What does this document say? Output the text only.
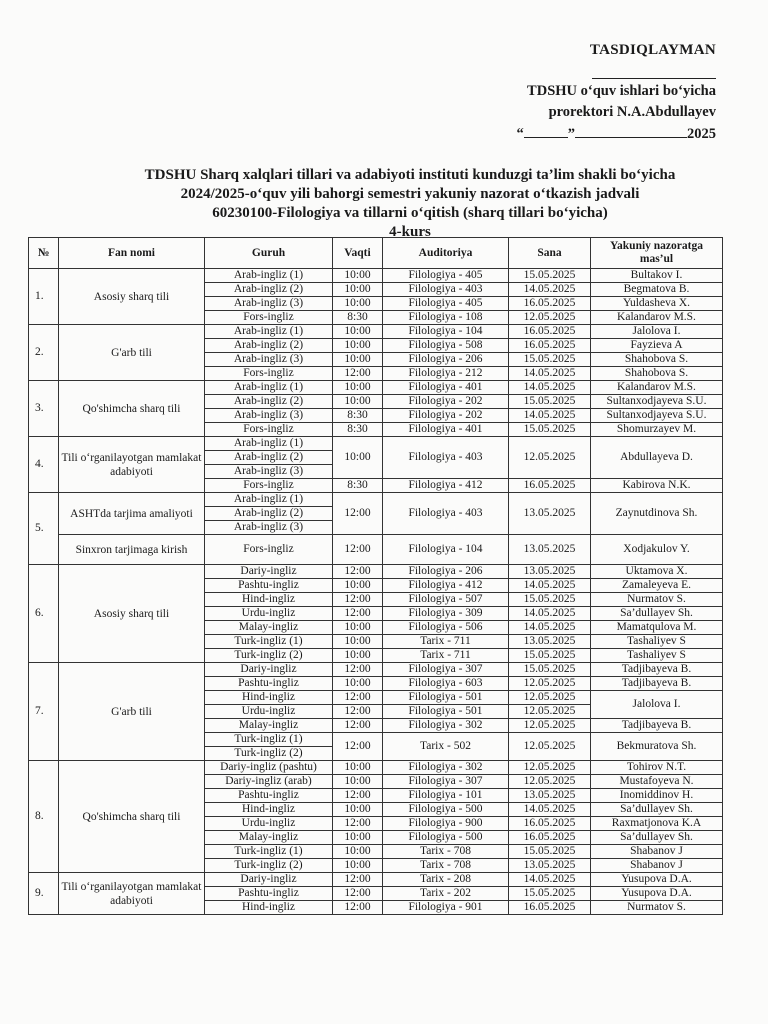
TASDIQLAYMAN
TDSHU o‘quv ishlari bo‘yicha
prorektori N.A.Abdullayev
“	”	2025
TDSHU Sharq xalqlari tillari va adabiyoti instituti kunduzgi ta’lim shakli bo‘yicha
2024/2025-o‘quv yili bahorgi semestri yakuniy nazorat o‘tkazish jadvali
60230100-Filologiya va tillarni o‘qitish (sharq tillari bo‘yicha)
4-kurs
№	Fan nomi	Guruh	Vaqti	Auditoriya	Sana	Yakuniy nazoratga mas’ul
1.	Asosiy sharq tili	Arab-ingliz (1)	10:00	Filologiya - 405	15.05.2025	Bultakov I.
		Arab-ingliz (2)	10:00	Filologiya - 403	14.05.2025	Begmatova B.
		Arab-ingliz (3)	10:00	Filologiya - 405	16.05.2025	Yuldasheva X.
		Fors-ingliz	8:30	Filologiya - 108	12.05.2025	Kalandarov M.S.
2.	G'arb tili	Arab-ingliz (1)	10:00	Filologiya - 104	16.05.2025	Jalolova I.
		Arab-ingliz (2)	10:00	Filologiya - 508	16.05.2025	Fayzieva A
		Arab-ingliz (3)	10:00	Filologiya - 206	15.05.2025	Shahobova S.
		Fors-ingliz	12:00	Filologiya - 212	14.05.2025	Shahobova S.
3.	Qo'shimcha sharq tili	Arab-ingliz (1)	10:00	Filologiya - 401	14.05.2025	Kalandarov M.S.
		Arab-ingliz (2)	10:00	Filologiya - 202	15.05.2025	Sultanxodjayeva S.U.
		Arab-ingliz (3)	8:30	Filologiya - 202	14.05.2025	Sultanxodjayeva S.U.
		Fors-ingliz	8:30	Filologiya - 401	15.05.2025	Shomurzayev M.
4.	Tili o‘rganilayotgan mamlakat adabiyoti	Arab-ingliz (1)	10:00	Filologiya - 403	12.05.2025	Abdullayeva D.
		Arab-ingliz (2)				
		Arab-ingliz (3)				
		Fors-ingliz	8:30	Filologiya - 412	16.05.2025	Kabirova N.K.
5.	ASHTda tarjima amaliyoti	Arab-ingliz (1)	12:00	Filologiya - 403	13.05.2025	Zaynutdinova Sh.
		Arab-ingliz (2)				
		Arab-ingliz (3)				
	Sinxron tarjimaga kirish	Fors-ingliz	12:00	Filologiya - 104	13.05.2025	Xodjakulov Y.
6.	Asosiy sharq tili	Dariy-ingliz	12:00	Filologiya - 206	13.05.2025	Uktamova X.
		Pashtu-ingliz	10:00	Filologiya - 412	14.05.2025	Zamaleyeva E.
		Hind-ingliz	12:00	Filologiya - 507	15.05.2025	Nurmatov S.
		Urdu-ingliz	12:00	Filologiya - 309	14.05.2025	Sa’dullayev Sh.
		Malay-ingliz	10:00	Filologiya - 506	14.05.2025	Mamatqulova M.
		Turk-ingliz (1)	10:00	Tarix - 711	13.05.2025	Tashaliyev S
		Turk-ingliz (2)	10:00	Tarix - 711	15.05.2025	Tashaliyev S
7.	G'arb tili	Dariy-ingliz	12:00	Filologiya - 307	15.05.2025	Tadjibayeva B.
		Pashtu-ingliz	10:00	Filologiya - 603	12.05.2025	Tadjibayeva B.
		Hind-ingliz	12:00	Filologiya - 501	12.05.2025	Jalolova I.
		Urdu-ingliz	12:00	Filologiya - 501	12.05.2025	
		Malay-ingliz	12:00	Filologiya - 302	12.05.2025	Tadjibayeva B.
		Turk-ingliz (1)	12:00	Tarix - 502	12.05.2025	Bekmuratova Sh.
		Turk-ingliz (2)				
8.	Qo'shimcha sharq tili	Dariy-ingliz (pashtu)	10:00	Filologiya - 302	12.05.2025	Tohirov N.T.
		Dariy-ingliz (arab)	10:00	Filologiya - 307	12.05.2025	Mustafoyeva N.
		Pashtu-ingliz	12:00	Filologiya - 101	13.05.2025	Inomiddinov H.
		Hind-ingliz	10:00	Filologiya - 500	14.05.2025	Sa’dullayev Sh.
		Urdu-ingliz	12:00	Filologiya - 900	16.05.2025	Raxmatjonova K.A
		Malay-ingliz	10:00	Filologiya - 500	16.05.2025	Sa’dullayev Sh.
		Turk-ingliz (1)	10:00	Tarix - 708	15.05.2025	Shabanov J
		Turk-ingliz (2)	10:00	Tarix - 708	13.05.2025	Shabanov J
9.	Tili o‘rganilayotgan mamlakat adabiyoti	Dariy-ingliz	12:00	Tarix - 208	14.05.2025	Yusupova D.A.
		Pashtu-ingliz	12:00	Tarix - 202	15.05.2025	Yusupova D.A.
		Hind-ingliz	12:00	Filologiya - 901	16.05.2025	Nurmatov S.
